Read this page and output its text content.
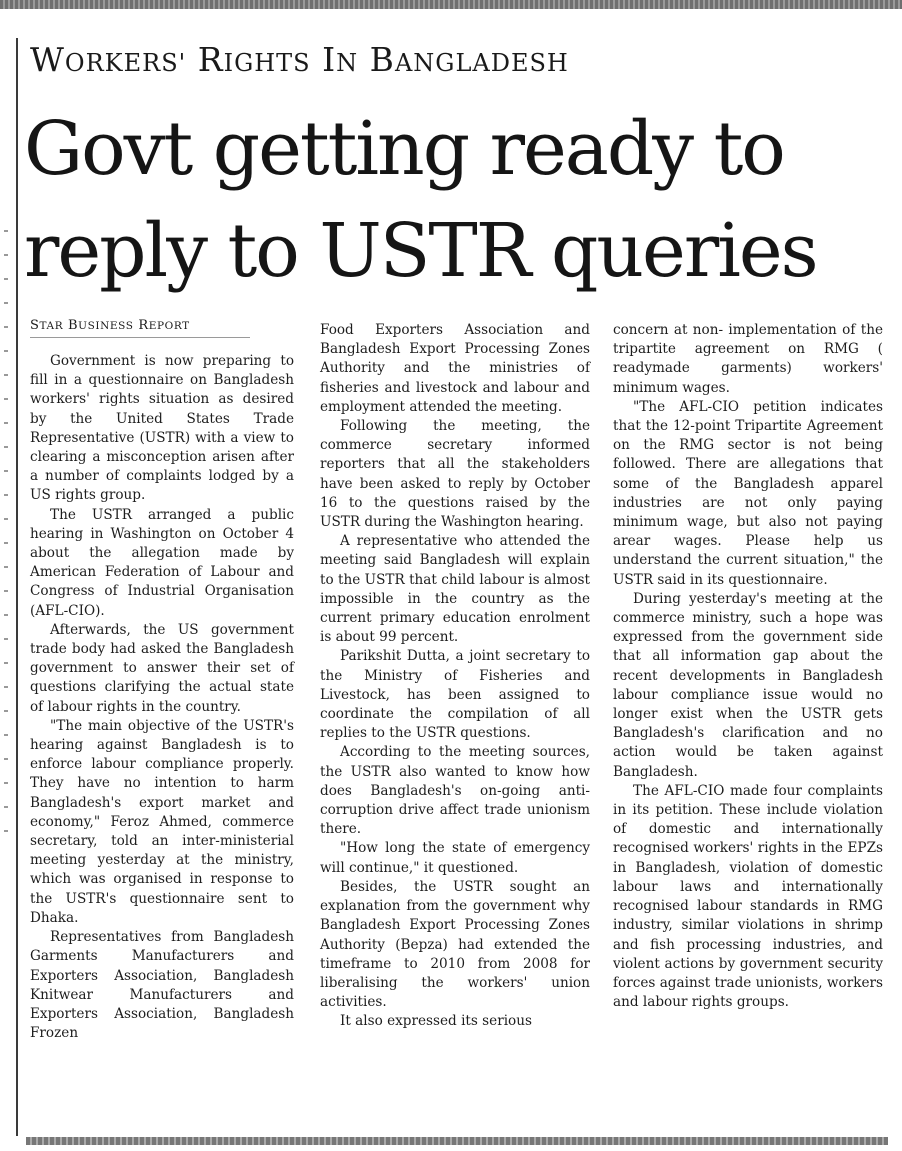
WORKERS' RIGHTS IN BANGLADESH
Govt getting ready to reply to USTR queries
STAR BUSINESS REPORT

Government is now preparing to fill in a questionnaire on Bangladesh workers' rights situation as desired by the United States Trade Representative (USTR) with a view to clearing a misconception arisen after a number of complaints lodged by a US rights group.

The USTR arranged a public hearing in Washington on October 4 about the allegation made by American Federation of Labour and Congress of Industrial Organisation (AFL-CIO).

Afterwards, the US government trade body had asked the Bangladesh government to answer their set of questions clarifying the actual state of labour rights in the country.

"The main objective of the USTR's hearing against Bangladesh is to enforce labour compliance properly. They have no intention to harm Bangladesh's export market and economy," Feroz Ahmed, commerce secretary, told an inter-ministerial meeting yesterday at the ministry, which was organised in response to the USTR's questionnaire sent to Dhaka.

Representatives from Bangladesh Garments Manufacturers and Exporters Association, Bangladesh Knitwear Manufacturers and Exporters Association, Bangladesh Frozen

Food Exporters Association and Bangladesh Export Processing Zones Authority and the ministries of fisheries and livestock and labour and employment attended the meeting.

Following the meeting, the commerce secretary informed reporters that all the stakeholders have been asked to reply by October 16 to the questions raised by the USTR during the Washington hearing.

A representative who attended the meeting said Bangladesh will explain to the USTR that child labour is almost impossible in the country as the current primary education enrolment is about 99 percent.

Parikshit Dutta, a joint secretary to the Ministry of Fisheries and Livestock, has been assigned to coordinate the compilation of all replies to the USTR questions.

According to the meeting sources, the USTR also wanted to know how does Bangladesh's on-going anti-corruption drive affect trade unionism there.

"How long the state of emergency will continue," it questioned.

Besides, the USTR sought an explanation from the government why Bangladesh Export Processing Zones Authority (Bepza) had extended the timeframe to 2010 from 2008 for liberalising the workers' union activities.

It also expressed its serious

concern at non- implementation of the tripartite agreement on RMG ( readymade garments) workers' minimum wages.

"The AFL-CIO petition indicates that the 12-point Tripartite Agreement on the RMG sector is not being followed. There are allegations that some of the Bangladesh apparel industries are not only paying minimum wage, but also not paying arear wages. Please help us understand the current situation," the USTR said in its questionnaire.

During yesterday's meeting at the commerce ministry, such a hope was expressed from the government side that all information gap about the recent developments in Bangladesh labour compliance issue would no longer exist when the USTR gets Bangladesh's clarification and no action would be taken against Bangladesh.

The AFL-CIO made four complaints in its petition. These include violation of domestic and internationally recognised workers' rights in the EPZs in Bangladesh, violation of domestic labour laws and internationally recognised labour standards in RMG industry, similar violations in shrimp and fish processing industries, and violent actions by government security forces against trade unionists, workers and labour rights groups.
